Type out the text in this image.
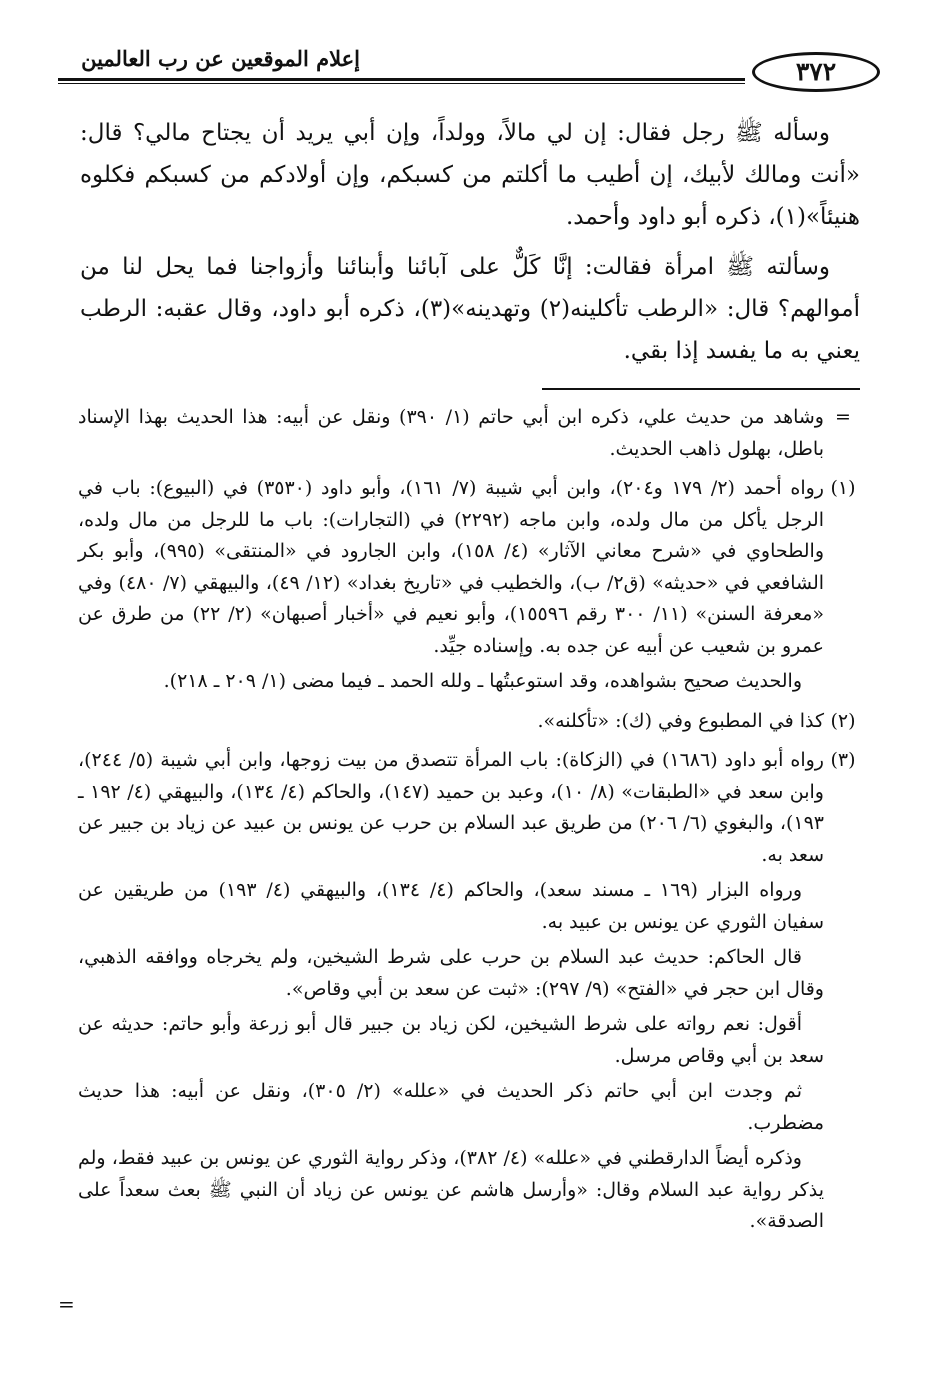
إعلام الموقعين عن رب العالمين	٣٧٢

وسأله ﷺ رجل فقال: إن لي مالاً، وولداً، وإن أبي يريد أن يجتاح مالي؟ قال: «أنت ومالك لأبيك، إن أطيب ما أكلتم من كسبكم، وإن أولادكم من كسبكم فكلوه هنيئاً»(١)، ذكره أبو داود وأحمد.

وسألته ﷺ امرأة فقالت: إنَّا كَلٌّ على آبائنا وأبنائنا وأزواجنا فما يحل لنا من أموالهم؟ قال: «الرطب تأكلينه(٢) وتهدينه»(٣)، ذكره أبو داود، وقال عقبه: الرطب يعني به ما يفسد إذا بقي.

=

وشاهد من حديث علي، ذكره ابن أبي حاتم (١/ ٣٩٠) ونقل عن أبيه: هذا الحديث بهذا الإسناد باطل، بهلول ذاهب الحديث.

(١)

رواه أحمد (٢/ ١٧٩ و٢٠٤)، وابن أبي شيبة (٧/ ١٦١)، وأبو داود (٣٥٣٠) في (البيوع): باب في الرجل يأكل من مال ولده، وابن ماجه (٢٢٩٢) في (التجارات): باب ما للرجل من مال ولده، والطحاوي في «شرح معاني الآثار» (٤/ ١٥٨)، وابن الجارود في «المنتقى» (٩٩٥)، وأبو بكر الشافعي في «حديثه» (ق٢/ ب)، والخطيب في «تاريخ بغداد» (١٢/ ٤٩)، والبيهقي (٧/ ٤٨٠) وفي «معرفة السنن» (١١/ ٣٠٠ رقم ١٥٥٩٦)، وأبو نعيم في «أخبار أصبهان» (٢/ ٢٢) من طرق عن عمرو بن شعيب عن أبيه عن جده به. وإسناده جيِّد.

والحديث صحيح بشواهده، وقد استوعبتُها ـ ولله الحمد ـ فيما مضى (١/ ٢٠٩ ـ ٢١٨).

(٢)

كذا في المطبوع وفي (ك): «تأكلنه».

(٣)

رواه أبو داود (١٦٨٦) في (الزكاة): باب المرأة تتصدق من بيت زوجها، وابن أبي شيبة (٥/ ٢٤٤)، وابن سعد في «الطبقات» (٨/ ١٠)، وعبد بن حميد (١٤٧)، والحاكم (٤/ ١٣٤)، والبيهقي (٤/ ١٩٢ ـ ١٩٣)، والبغوي (٦/ ٢٠٦) من طريق عبد السلام بن حرب عن يونس بن عبيد عن زياد بن جبير عن سعد به.

ورواه البزار (١٦٩ ـ مسند سعد)، والحاكم (٤/ ١٣٤)، والبيهقي (٤/ ١٩٣) من طريقين عن سفيان الثوري عن يونس بن عبيد به.

قال الحاكم: حديث عبد السلام بن حرب على شرط الشيخين، ولم يخرجاه ووافقه الذهبي، وقال ابن حجر في «الفتح» (٩/ ٢٩٧): «ثبت عن سعد بن أبي وقاص».

أقول: نعم رواته على شرط الشيخين، لكن زياد بن جبير قال أبو زرعة وأبو حاتم: حديثه عن سعد بن أبي وقاص مرسل.

ثم وجدت ابن أبي حاتم ذكر الحديث في «علله» (٢/ ٣٠٥)، ونقل عن أبيه: هذا حديث مضطرب.

وذكره أيضاً الدارقطني في «علله» (٤/ ٣٨٢)، وذكر رواية الثوري عن يونس بن عبيد فقط، ولم يذكر رواية عبد السلام وقال: «وأرسل هاشم عن يونس عن زياد أن النبي ﷺ بعث سعداً على الصدقة».

=
